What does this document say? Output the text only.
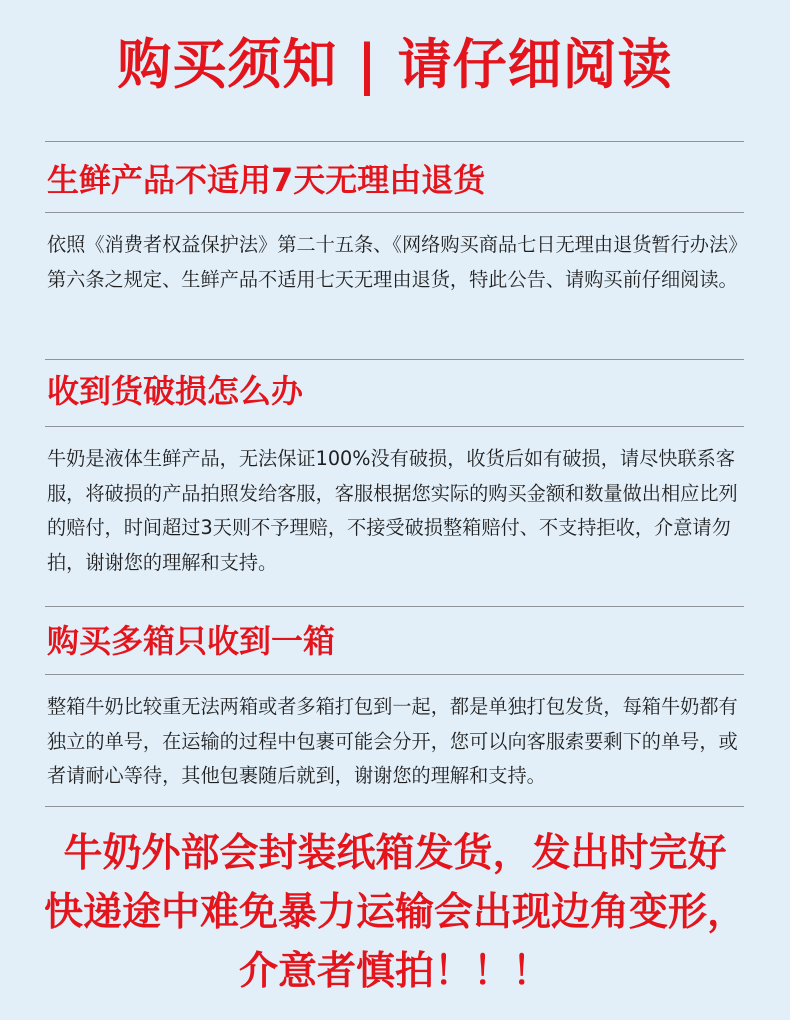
购买须知 | 请仔细阅读
生鲜产品不适用7天无理由退货
依照《消费者权益保护法》第二十五条、《网络购买商品七日无理由退货暂行办法》第六条之规定、生鲜产品不适用七天无理由退货，特此公告、请购买前仔细阅读。
收到货破损怎么办
牛奶是液体生鲜产品，无法保证100%没有破损，收货后如有破损，请尽快联系客服，将破损的产品拍照发给客服，客服根据您实际的购买金额和数量做出相应比列的赔付，时间超过3天则不予理赔，不接受破损整箱赔付、不支持拒收，介意请勿拍，谢谢您的理解和支持。
购买多箱只收到一箱
整箱牛奶比较重无法两箱或者多箱打包到一起，都是单独打包发货，每箱牛奶都有独立的单号，在运输的过程中包裹可能会分开，您可以向客服索要剩下的单号，或者请耐心等待，其他包裹随后就到，谢谢您的理解和支持。
牛奶外部会封装纸箱发货，发出时完好
快递途中难免暴力运输会出现边角变形，
介意者慎拍！！！
